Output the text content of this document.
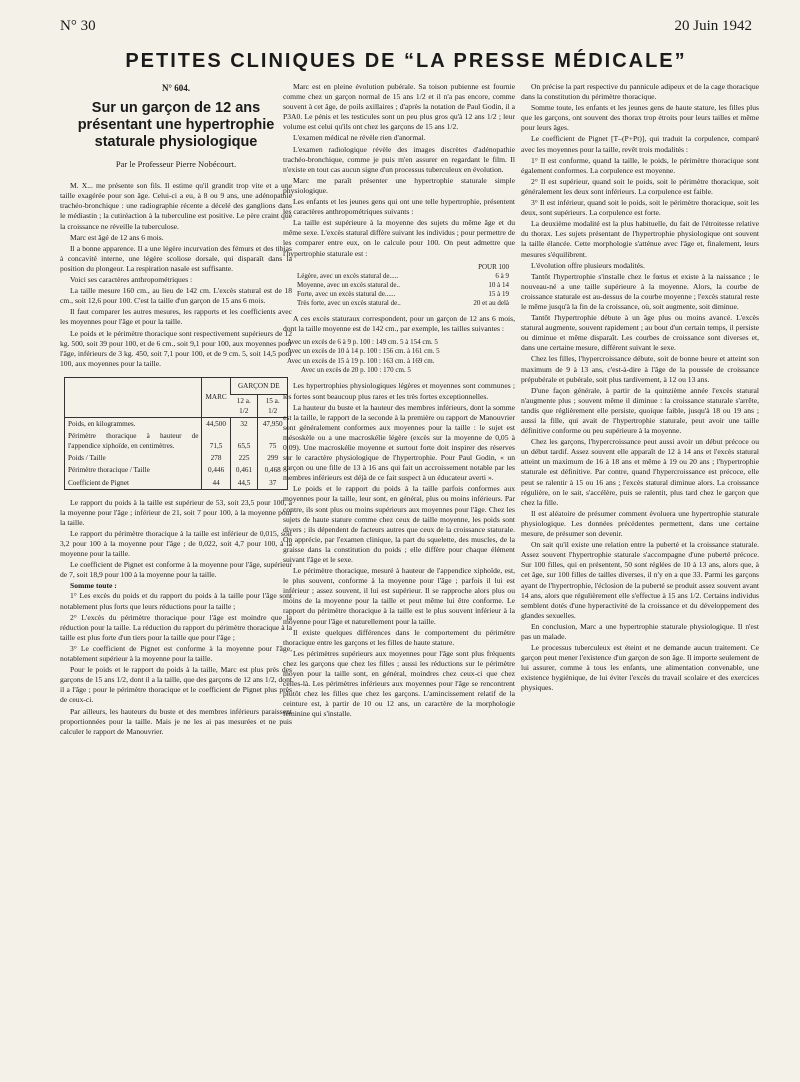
N° 30	20 Juin 1942
PETITES CLINIQUES DE “LA PRESSE MÉDICALE”
N° 604.
Sur un garçon de 12 ans présentant une hypertrophie staturale physiologique
Par le Professeur Pierre Nobécourt.

M. X... me présente son fils. Il estime qu'il grandit trop vite et a une taille exagérée pour son âge. Celui-ci a eu, à 8 ou 9 ans, une adénopathie trachéo-bronchique : une radiographie récente a décelé des ganglions dans le médiastin ; la cutiréaction à la tuberculine est positive. Le père craint que la croissance ne réveille la tuberculose.

Marc est âgé de 12 ans 6 mois.

Il a bonne apparence. Il a une légère incurvation des fémurs et des tibias à concavité interne, une légère scoliose dorsale, qui disparaît dans la position du plongeur. La respiration nasale est suffisante.

Voici ses caractères anthropométriques :

La taille mesure 160 cm., au lieu de 142 cm. L'excès statural est de 18 cm., soit 12,6 pour 100. C'est la taille d'un garçon de 15 ans 6 mois.

Il faut comparer les autres mesures, les rapports et les coefficients avec les moyennes pour l'âge et pour la taille.

Le poids et le périmètre thoracique sont respectivement supérieurs de 12 kg. 500, soit 39 pour 100, et de 6 cm., soit 9,1 pour 100, aux moyennes pour l'âge, inférieurs de 3 kg. 450, soit 7,1 pour 100, et de 9 cm. 5, soit 14,5 pour 100, aux moyennes pour la taille.

	MARC	GARÇON DE	
		12 a. 1/2	15 a. 1/2
Poids, en kilogrammes.	44,500	32	47,950
Périmètre thoracique à hauteur de l'appendice xiphoïde, en centimètres.	71,5	65,5	75
Poids / Taille	278	225	299
Périmètre thoracique / Taille	0,446	0,461	0,468
Coefficient de Pignet	44	44,5	37

Le rapport du poids à la taille est supérieur de 53, soit 23,5 pour 100, à la moyenne pour l'âge ; inférieur de 21, soit 7 pour 100, à la moyenne pour la taille.

Le rapport du périmètre thoracique à la taille est inférieur de 0,015, soit 3,2 pour 100 à la moyenne pour l'âge ; de 0,022, soit 4,7 pour 100, à la moyenne pour la taille.

Le coefficient de Pignet est conforme à la moyenne pour l'âge, supérieur de 7, soit 18,9 pour 100 à la moyenne pour la taille.

Somme toute :

1° Les excès du poids et du rapport du poids à la taille pour l'âge sont notablement plus forts que leurs réductions pour la taille ;

2° L'excès du périmètre thoracique pour l'âge est moindre que la réduction pour la taille. La réduction du rapport du périmètre thoracique à la taille est plus forte d'un tiers pour la taille que pour l'âge ;

3° Le coefficient de Pignet est conforme à la moyenne pour l'âge, notablement supérieur à la moyenne pour la taille.

Pour le poids et le rapport du poids à la taille, Marc est plus près des garçons de 15 ans 1/2, dont il a la taille, que des garçons de 12 ans 1/2, dont il a l'âge ; pour le périmètre thoracique et le coefficient de Pignet plus près de ceux-ci.

Par ailleurs, les hauteurs du buste et des membres inférieurs paraissent proportionnées pour la taille. Mais je ne les ai pas mesurées et ne puis calculer le rapport de Manouvrier.

Marc est en pleine évolution pubérale. Sa toison pubienne est fournie comme chez un garçon normal de 15 ans 1/2 et il n'a pas encore, comme souvent à cet âge, de poils axillaires ; d'après la notation de Paul Godin, il a P3A0. Le pénis et les testicules sont un peu plus gros qu'à 12 ans 1/2 ; leur volume est celui qu'ils ont chez les garçons de 15 ans 1/2.

L'examen médical ne révèle rien d'anormal.

L'examen radiologique révèle des images discrètes d'adénopathie trachéo-bronchique, comme je puis m'en assurer en regardant le film. Il n'existe en tout cas aucun signe d'un processus tuberculeux en évolution.

Marc me paraît présenter une hypertrophie staturale simple physiologique.

Les enfants et les jeunes gens qui ont une telle hypertrophie, présentent les caractères anthropométriques suivants :

La taille est supérieure à la moyenne des sujets du même âge et du même sexe. L'excès statural diffère suivant les individus ; pour permettre de les comparer entre eux, on le calcule pour 100. On peut admettre que l'hypertrophie staturale est :

POUR 100
Légère, avec un excès statural de.....	6 à 9
Moyenne, avec un excès statural de..	10 à 14
Forte, avec un excès statural de......	15 à 19
Très forte, avec un excès statural de..	20 et au delà

A ces excès staturaux correspondent, pour un garçon de 12 ans 6 mois, dont la taille moyenne est de 142 cm., par exemple, les tailles suivantes :

Avec un excès de 6 à 9 p. 100 : 149 cm. 5 à 154 cm. 5
Avec un excès de 10 à 14 p. 100 : 156 cm. à 161 cm. 5
Avec un excès de 15 à 19 p. 100 : 163 cm. à 169 cm.
Avec un excès de 20 p. 100 : 170 cm. 5

Les hypertrophies physiologiques légères et moyennes sont communes ; les fortes sont beaucoup plus rares et les très fortes exceptionnelles.

La hauteur du buste et la hauteur des membres inférieurs, dont la somme est la taille, le rapport de la seconde à la première ou rapport de Manouvrier sont généralement conformes aux moyennes pour la taille : le sujet est mésoskèle ou a une macroskélie légère (excès sur la moyenne de 0,05 à 0,09). Une macroskélie moyenne et surtout forte doit inspirer des réserves sur le caractère physiologique de l'hypertrophie. Pour Paul Godin, « un garçon ou une fille de 13 à 16 ans qui fait un accroissement notable par les membres inférieurs est déjà de ce fait suspect à un éducateur averti ».

Le poids et le rapport du poids à la taille parfois conformes aux moyennes pour la taille, leur sont, en général, plus ou moins inférieurs. Par contre, ils sont plus ou moins supérieurs aux moyennes pour l'âge. Chez les sujets de haute stature comme chez ceux de taille moyenne, les poids sont divers ; ils dépendent de facteurs autres que ceux de la croissance staturale. On apprécie, par l'examen clinique, la part du squelette, des muscles, de la graisse dans la constitution du poids ; elle diffère pour chaque élément suivant l'âge et le sexe.

Le périmètre thoracique, mesuré à hauteur de l'appendice xiphoïde, est, le plus souvent, conforme à la moyenne pour l'âge ; parfois il lui est inférieur ; assez souvent, il lui est supérieur. Il se rapproche alors plus ou moins de la moyenne pour la taille et peut même lui être conforme. Le rapport du périmètre thoracique à la taille est le plus souvent inférieur à la moyenne pour l'âge et naturellement pour la taille.

Il existe quelques différences dans le comportement du périmètre thoracique entre les garçons et les filles de haute stature.

Les périmètres supérieurs aux moyennes pour l'âge sont plus fréquents chez les garçons que chez les filles ; aussi les réductions sur le périmètre moyen pour la taille sont, en général, moindres chez ceux-ci que chez celles-là. Les périmètres inférieurs aux moyennes pour l'âge se rencontrent plutôt chez les filles que chez les garçons. L'amincissement relatif de la ceinture est, à partir de 10 ou 12 ans, un caractère de la morphologie féminine qui s'installe.

On précise la part respective du pannicule adipeux et de la cage thoracique dans la constitution du périmètre thoracique.

Somme toute, les enfants et les jeunes gens de haute stature, les filles plus que les garçons, ont souvent des thorax trop étroits pour leurs tailles et même pour leurs âges.

Le coefficient de Pignet [T–(P+Pt)], qui traduit la corpulence, comparé avec les moyennes pour la taille, revêt trois modalités :

1° Il est conforme, quand la taille, le poids, le périmètre thoracique sont également conformes. La corpulence est moyenne.

2° Il est supérieur, quand soit le poids, soit le périmètre thoracique, soit généralement les deux sont inférieurs. La corpulence est faible.

3° Il est inférieur, quand soit le poids, soit le périmètre thoracique, soit les deux, sont supérieurs. La corpulence est forte.

La deuxième modalité est la plus habituelle, du fait de l'étroitesse relative du thorax. Les sujets présentant de l'hypertrophie physiologique ont souvent la taille élancée. Cette morphologie s'atténue avec l'âge et, finalement, leurs mesures s'équilibrent.

L'évolution offre plusieurs modalités.

Tantôt l'hypertrophie s'installe chez le fœtus et existe à la naissance ; le nouveau-né a une taille supérieure à la moyenne. Alors, la courbe de croissance staturale est au-dessus de la courbe moyenne ; l'excès statural reste le même jusqu'à la fin de la croissance, où, soit augmente, soit diminue.

Tantôt l'hypertrophie débute à un âge plus ou moins avancé. L'excès statural augmente, souvent rapidement ; au bout d'un certain temps, il persiste ou diminue et même disparaît. Les courbes de croissance sont diverses et, dans une certaine mesure, différent suivant le sexe.

Chez les filles, l'hypercroissance débute, soit de bonne heure et atteint son maximum de 9 à 13 ans, c'est-à-dire à l'âge de la poussée de croissance prépubérale et pubérale, soit plus tardivement, à 12 ou 13 ans.

D'une façon générale, à partir de la quinzième année l'excès statural n'augmente plus ; souvent même il diminue : la croissance staturale s'arrête, tandis que réglièrement elle persiste, quoique faible, jusqu'à 18 ou 19 ans ; aussi la fille, qui avait de l'hypertrophie staturale, peut avoir une taille définitive conforme ou peu supérieure à la moyenne.

Chez les garçons, l'hypercroissance peut aussi avoir un début précoce ou un début tardif. Assez souvent elle apparaît de 12 à 14 ans et l'excès statural atteint un maximum de 16 à 18 ans et même à 19 ou 20 ans ; l'hypertrophie staturale est définitive. Par contre, quand l'hypercroissance est précoce, elle peut se ralentir à 15 ou 16 ans ; l'excès statural diminue alors. La croissance régulière, on le sait, s'accélère, puis se ralentit, plus tard chez le garçon que chez la fille.

Il est aléatoire de présumer comment évoluera une hypertrophie staturale physiologique. Les données précédentes permettent, dans une certaine mesure, de présumer son devenir.

On sait qu'il existe une relation entre la puberté et la croissance staturale. Assez souvent l'hypertrophie staturale s'accompagne d'une puberté précoce. Sur 100 filles, qui en présentent, 50 sont réglées de 10 à 13 ans, alors que, à cet âge, sur 100 filles de tailles diverses, il n'y en a que 33. Parmi les garçons ayant de l'hypertrophie, l'éclosion de la puberté se produit assez souvent avant 14 ans, alors que régulièrement elle s'effectue à 15 ans 1/2. Certains individus semblent dotés d'une hyperactivité de la croissance et du développement des glandes sexuelles.

En conclusion, Marc a une hypertrophie staturale physiologique. Il n'est pas un malade.

Le processus tuberculeux est éteint et ne demande aucun traitement. Ce garçon peut mener l'existence d'un garçon de son âge. Il importe seulement de lui assurer, comme à tous les enfants, une alimentation convenable, une existence hygiénique, de lui éviter l'excès du travail scolaire et des exercices physiques.
